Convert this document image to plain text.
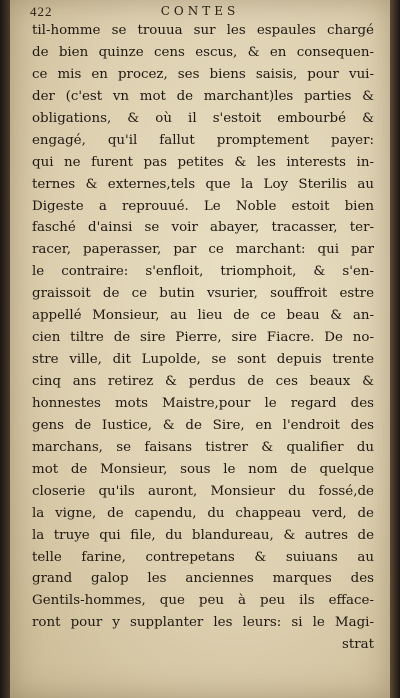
422	CONTES
til-homme se trouua sur les espaules chargé
de bien quinze cens escus, & en consequen-
ce mis en procez, ses biens saisis, pour vui-
der (c'est vn mot de marchant)les parties &
obligations, & où il s'estoit embourbé &
engagé, qu'il fallut promptement payer:
qui ne furent pas petites & les interests in-
ternes & externes,tels que la Loy Sterilis au
Digeste a reprouué. Le Noble estoit bien
fasché d'ainsi se voir abayer, tracasser, ter-
racer, paperasser, par ce marchant: qui par
le contraire: s'enfloit, triomphoit, & s'en-
graissoit de ce butin vsurier, souffroit estre
appellé Monsieur, au lieu de ce beau & an-
cien tiltre de sire Pierre, sire Fiacre. De no-
stre ville, dit Lupolde, se sont depuis trente
cinq ans retirez & perdus de ces beaux &
honnestes mots Maistre,pour le regard des
gens de Iustice, & de Sire, en l'endroit des
marchans, se faisans tistrer & qualifier du
mot de Monsieur, sous le nom de quelque
closerie qu'ils auront, Monsieur du fossé,de
la vigne, de capendu, du chappeau verd, de
la truye qui file, du blandureau, & autres de
telle farine, contrepetans & suiuans au
grand galop les anciennes marques des
Gentils-hommes, que peu à peu ils efface-
ront pour y supplanter les leurs: si le Magi-
strat
